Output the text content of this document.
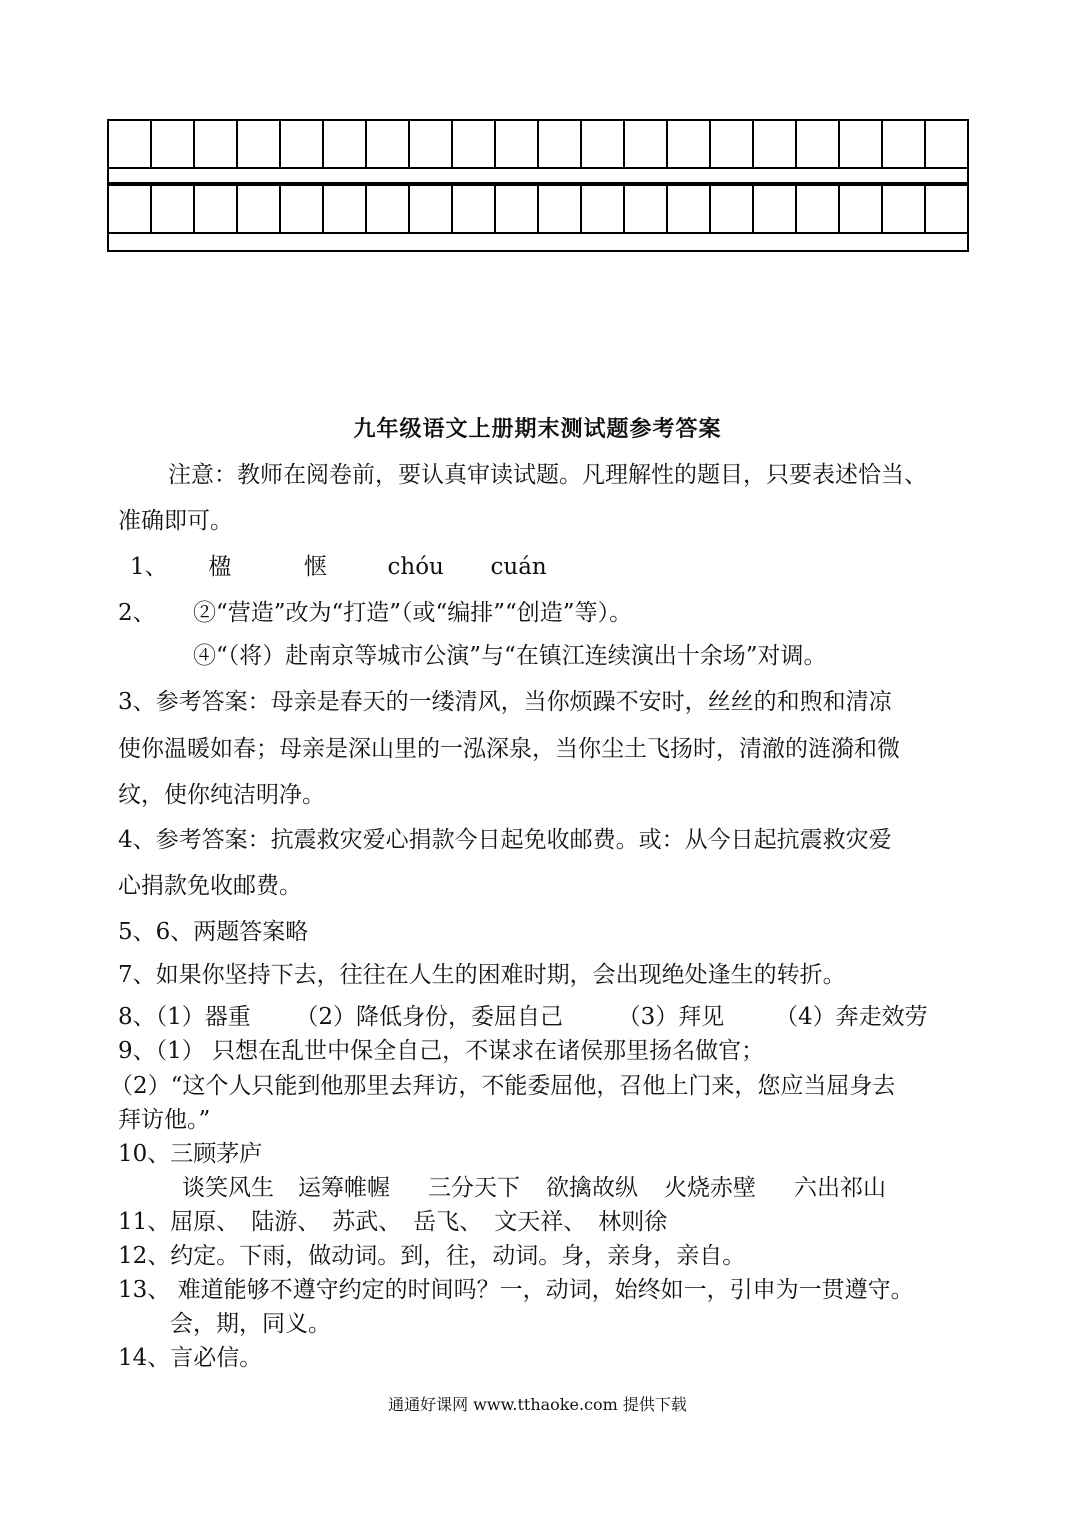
九年级语文上册期末测试题参考答案
注意：教师在阅卷前，要认真审读试题。凡理解性的题目，只要表述恰当、
准确即可。
1、 楹	惬	chóu cuán
2、 ②“营造”改为“打造”（或“编排”“创造”等）。
④“（将）赴南京等城市公演”与“在镇江连续演出十余场”对调。
3、参考答案：母亲是春天的一缕清风，当你烦躁不安时，丝丝的和煦和清凉
使你温暖如春；母亲是深山里的一泓深泉，当你尘土飞扬时，清澈的涟漪和微
纹，使你纯洁明净。
4、参考答案：抗震救灾爱心捐款今日起免收邮费。或：从今日起抗震救灾爱
心捐款免收邮费。
5、6、两题答案略
7、如果你坚持下去，往往在人生的困难时期，会出现绝处逢生的转折。
8、（1）器重 （2）降低身份，委屈自己 （3）拜见 （4）奔走效劳
9、（1） 只想在乱世中保全自己，不谋求在诸侯那里扬名做官；
（2）“这个人只能到他那里去拜访，不能委屈他，召他上门来，您应当屈身去
拜访他。”
10、三顾茅庐
谈笑风生 运筹帷幄 三分天下 欲擒故纵 火烧赤壁 六出祁山
11、屈原、 陆游、 苏武、 岳飞、 文天祥、 林则徐
12、约定。下雨，做动词。到，往，动词。身，亲身，亲自。
13、 难道能够不遵守约定的时间吗？一，动词，始终如一，引申为一贯遵守。
会，期，同义。
14、言必信。
通通好课网 www.tthaoke.com 提供下载
